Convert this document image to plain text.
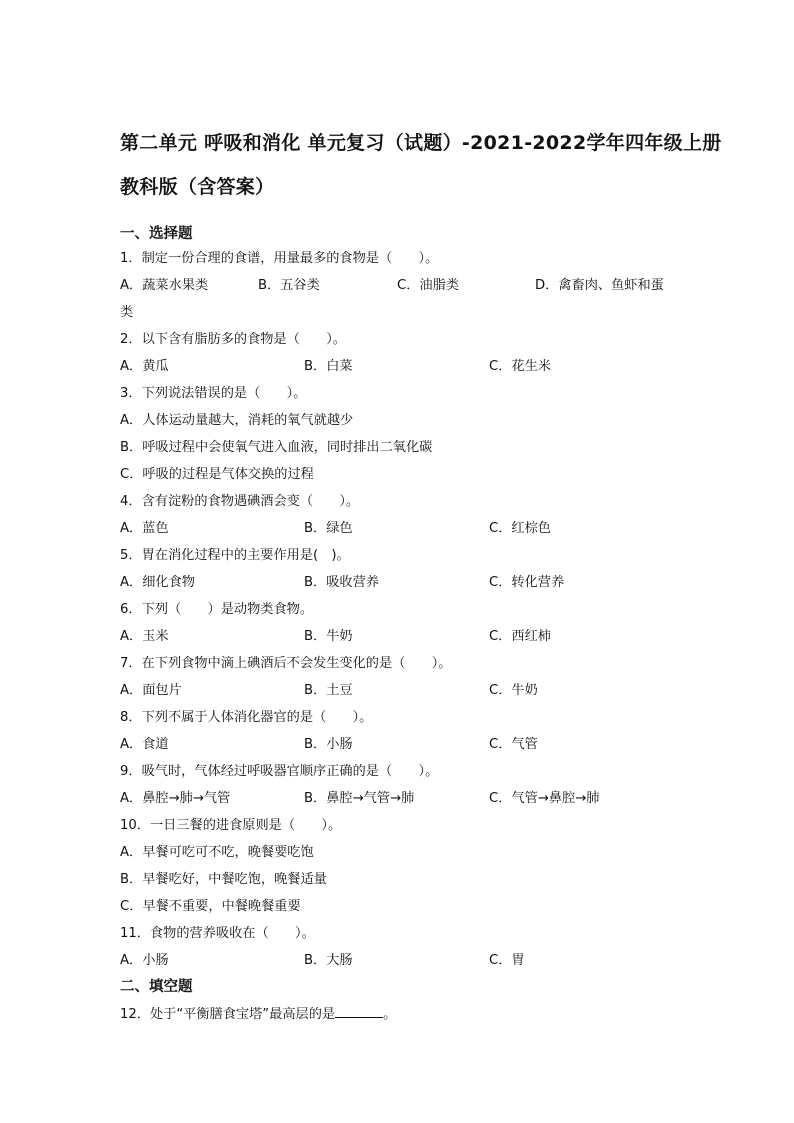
第二单元 呼吸和消化 单元复习（试题）-2021-2022学年四年级上册
教科版（含答案）
一、选择题
1．制定一份合理的食谱，用量最多的食物是（　　）。
A．蔬菜水果类	B．五谷类	C．油脂类	D．禽畜肉、鱼虾和蛋
类
2．以下含有脂肪多的食物是（　　）。
A．黄瓜	B．白菜	C．花生米
3．下列说法错误的是（　　）。
A．人体运动量越大，消耗的氧气就越少
B．呼吸过程中会使氧气进入血液，同时排出二氧化碳
C．呼吸的过程是气体交换的过程
4．含有淀粉的食物遇碘酒会变（　　）。
A．蓝色	B．绿色	C．红棕色
5．胃在消化过程中的主要作用是(　)。
A．细化食物	B．吸收营养	C．转化营养
6．下列（　　）是动物类食物。
A．玉米	B．牛奶	C．西红柿
7．在下列食物中滴上碘酒后不会发生变化的是（　　）。
A．面包片	B．土豆	C．牛奶
8．下列不属于人体消化器官的是（　　）。
A．食道	B．小肠	C．气管
9．吸气时，气体经过呼吸器官顺序正确的是（　　）。
A．鼻腔→肺→气管	B．鼻腔→气管→肺	C．气管→鼻腔→肺
10．一日三餐的进食原则是（　　）。
A．早餐可吃可不吃，晚餐要吃饱
B．早餐吃好，中餐吃饱，晚餐适量
C．早餐不重要，中餐晚餐重要
11．食物的营养吸收在（　　）。
A．小肠	B．大肠	C．胃
二、填空题
12．处于“平衡膳食宝塔”最高层的是	。
